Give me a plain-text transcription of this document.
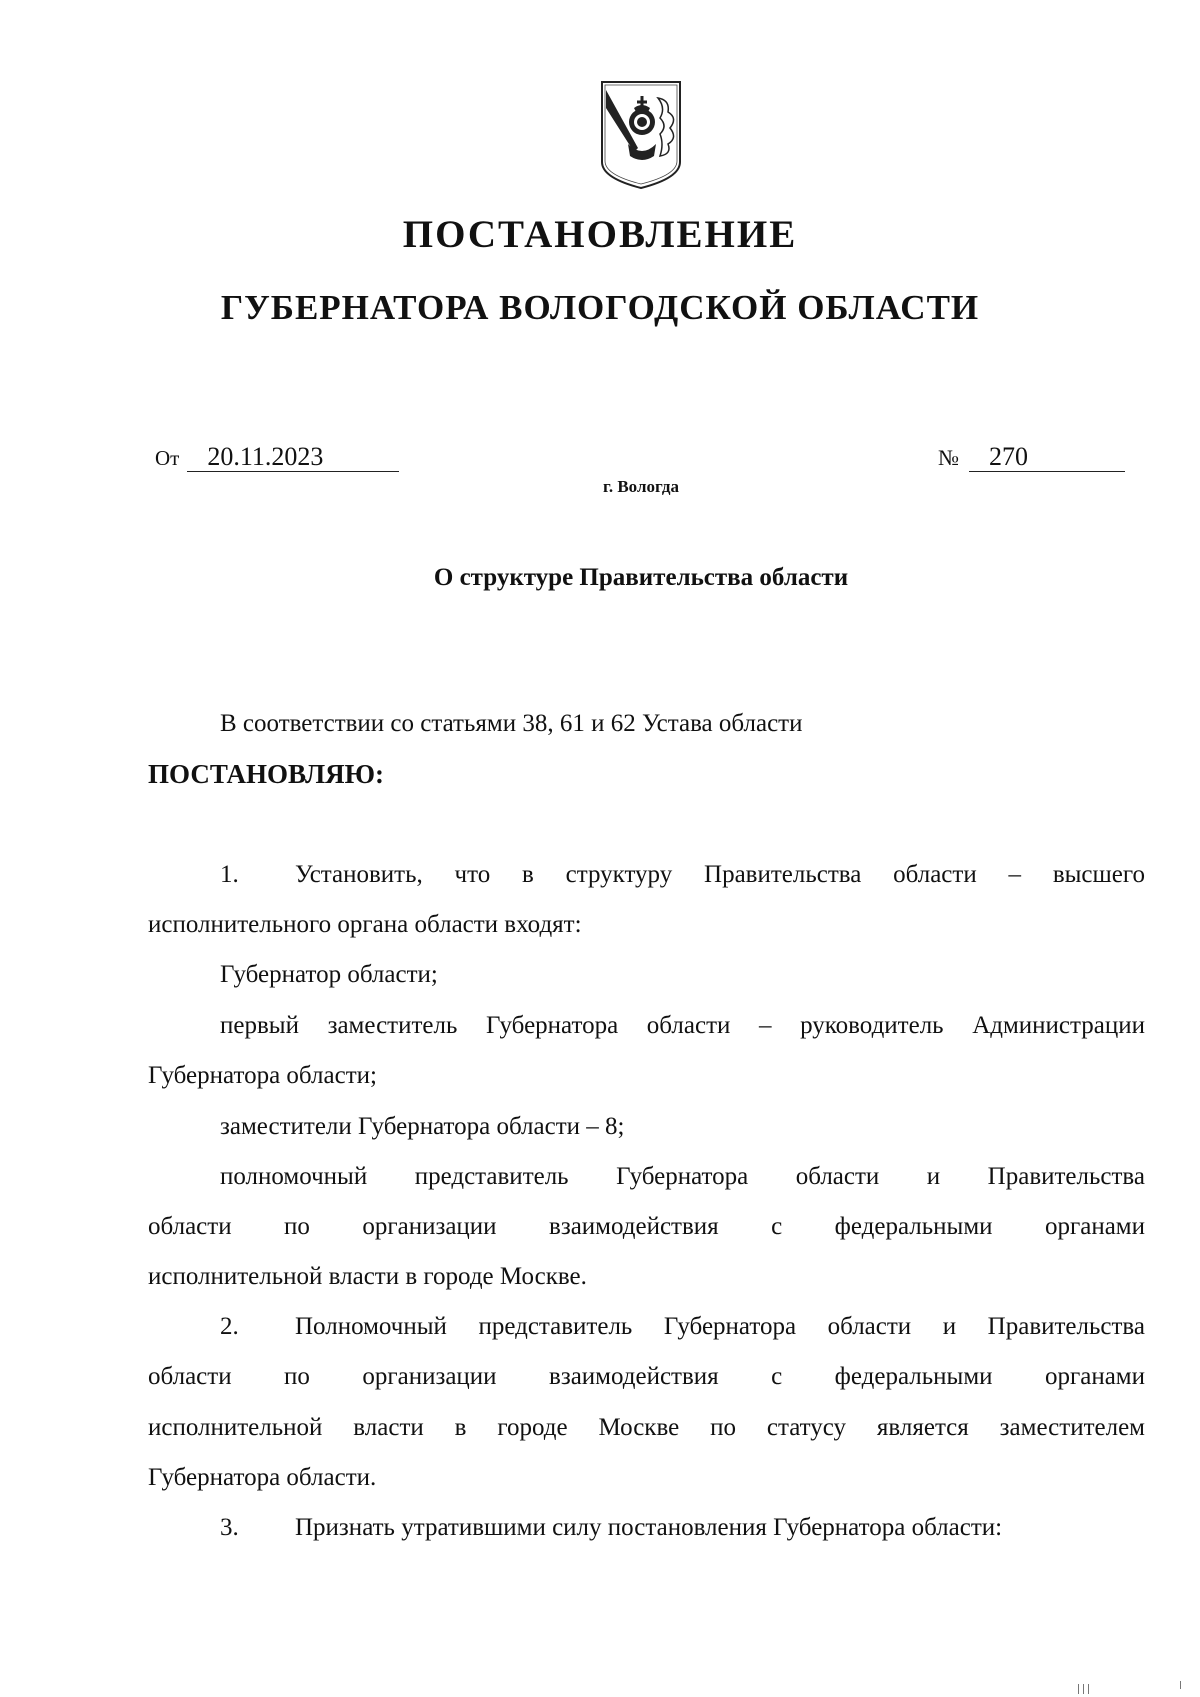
ПОСТАНОВЛЕНИЕ
ГУБЕРНАТОРА ВОЛОГОДСКОЙ ОБЛАСТИ
От 20.11.2023	№ 270
г. Вологда
О структуре Правительства области
В соответствии со статьями 38, 61 и 62 Устава области
ПОСТАНОВЛЯЮ:
1. Установить, что в структуру Правительства области – высшего
исполнительного органа области входят:
Губернатор области;
первый заместитель Губернатора области – руководитель Администрации
Губернатора области;
заместители Губернатора области – 8;
полномочный представитель Губернатора области и Правительства
области по организации взаимодействия с федеральными органами
исполнительной власти в городе Москве.
2. Полномочный представитель Губернатора области и Правительства
области по организации взаимодействия с федеральными органами
исполнительной власти в городе Москве по статусу является заместителем
Губернатора области.
3. Признать утратившими силу постановления Губернатора области:
